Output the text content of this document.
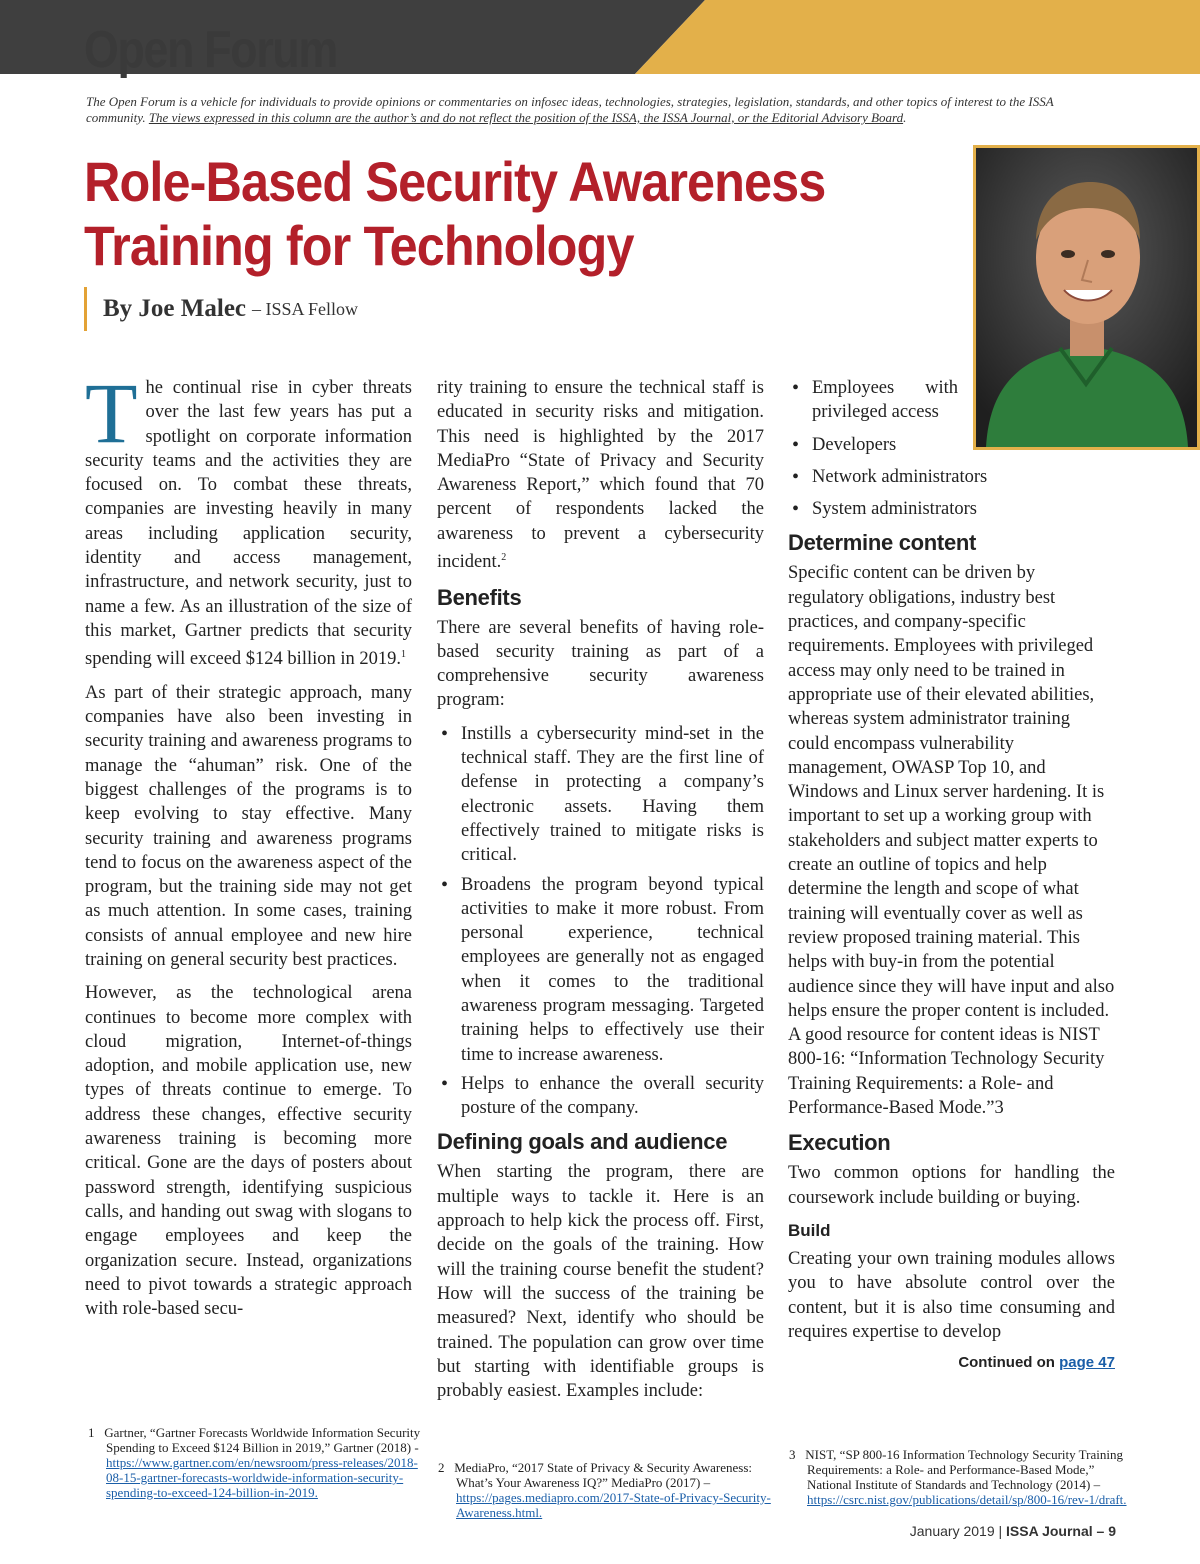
Open Forum
The Open Forum is a vehicle for individuals to provide opinions or commentaries on infosec ideas, technologies, strategies, legislation, standards, and other topics of interest to the ISSA community. The views expressed in this column are the author’s and do not reflect the position of the ISSA, the ISSA Journal, or the Editorial Advisory Board.
Role-Based Security Awareness
Training for Technology
By Joe Malec – ISSA Fellow

The continual rise in cyber threats over the last few years has put a spotlight on corporate information security teams and the activities they are focused on. To combat these threats, companies are investing heavily in many areas including application security, identity and access management, infrastructure, and network security, just to name a few. As an illustration of the size of this market, Gartner predicts that security spending will exceed $124 billion in 2019.$^1$

As part of their strategic approach, many companies have also been investing in security training and awareness programs to manage the “ahuman” risk. One of the biggest challenges of the programs is to keep evolving to stay effective. Many security training and awareness programs tend to focus on the awareness aspect of the program, but the training side may not get as much attention. In some cases, training consists of annual employee and new hire training on general security best practices.

However, as the technological arena continues to become more complex with cloud migration, Internet-of-things adoption, and mobile application use, new types of threats continue to emerge. To address these changes, effective security awareness training is becoming more critical. Gone are the days of posters about password strength, identifying suspicious calls, and handing out swag with slogans to engage employees and keep the organization secure. Instead, organizations need to pivot towards a strategic approach with role-based secu-

rity training to ensure the technical staff is educated in security risks and mitigation. This need is highlighted by the 2017 MediaPro “State of Privacy and Security Awareness Report,” which found that 70 percent of respondents lacked the awareness to prevent a cybersecurity incident.$^2$

Benefits

There are several benefits of having role-based security training as part of a comprehensive security awareness program:

• Instills a cybersecurity mind-set in the technical staff. They are the first line of defense in protecting a company’s electronic assets. Having them effectively trained to mitigate risks is critical.
• Broadens the program beyond typical activities to make it more robust. From personal experience, technical employees are generally not as engaged when it comes to the traditional awareness program messaging. Targeted training helps to effectively use their time to increase awareness.
• Helps to enhance the overall security posture of the company.
Defining goals and audience

When starting the program, there are multiple ways to tackle it. Here is an approach to help kick the process off. First, decide on the goals of the training. How will the training course benefit the student? How will the success of the training be measured? Next, identify who should be trained. The population can grow over time but starting with identifiable groups is probably easiest. Examples include:

• Employees with privileged access
• Developers
• Network administrators
• System administrators
Determine content

Specific content can be driven by regulatory obligations, industry best practices, and company-specific requirements. Employees with privileged access may only need to be trained in appropriate use of their elevated abilities, whereas system administrator training could encompass vulnerability management, OWASP Top 10, and Windows and Linux server hardening. It is important to set up a working group with stakeholders and subject matter experts to create an outline of topics and help determine the length and scope of what training will eventually cover as well as review proposed training material. This helps with buy-in from the potential audience since they will have input and also helps ensure the proper content is included. A good resource for content ideas is NIST 800-16: “Information Technology Security Training Requirements: a Role- and Performance-Based Mode.”3

Execution

Two common options for handling the coursework include building or buying.

Build

Creating your own training modules allows you to have absolute control over the content, but it is also time consuming and requires expertise to develop

Continued on page 47
1 Gartner, “Gartner Forecasts Worldwide Information Security Spending to Exceed $124 Billion in 2019,” Gartner (2018) - https://www.gartner.com/en/newsroom/press-releases/2018-08-15-gartner-forecasts-worldwide-information-security-spending-to-exceed-124-billion-in-2019.
2 MediaPro, “2017 State of Privacy & Security Awareness: What’s Your Awareness IQ?” MediaPro (2017) – https://pages.mediapro.com/2017-State-of-Privacy-Security-Awareness.html.
3 NIST, “SP 800-16 Information Technology Security Training Requirements: a Role- and Performance-Based Mode,” National Institute of Standards and Technology (2014) – https://csrc.nist.gov/publications/detail/sp/800-16/rev-1/draft.
January 2019 | ISSA Journal – 9
